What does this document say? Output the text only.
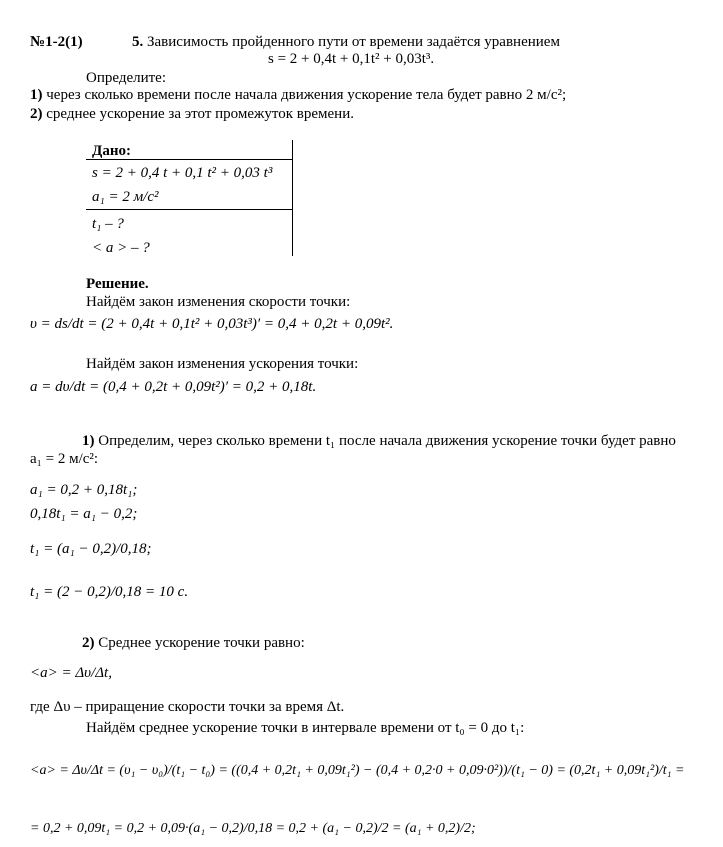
№1-2(1)	5. Зависимость пройденного пути от времени задаётся уравнением
s = 2 + 0,4t + 0,1t² + 0,03t³.
Определите:
1) через сколько времени после начала движения ускорение тела будет равно 2 м/с²;
2) среднее ускорение за этот промежуток времени.
Дано:
s = 2 + 0,4 t + 0,1 t² + 0,03 t³
a₁ = 2 м/с²
t₁ – ?
< a > – ?
Решение.
Найдём закон изменения скорости точки:
υ = ds/dt = (2 + 0,4t + 0,1t² + 0,03t³)′ = 0,4 + 0,2t + 0,09t².
Найдём закон изменения ускорения точки:
a = dυ/dt = (0,4 + 0,2t + 0,09t²)′ = 0,2 + 0,18t.
1) Определим, через сколько времени t₁ после начала движения ускорение точки будет равно a₁ = 2 м/с²:
a₁ = 0,2 + 0,18t₁;
0,18t₁ = a₁ − 0,2;
t₁ = (a₁ − 0,2)/0,18;
t₁ = (2 − 0,2)/0,18 = 10 с.
2) Среднее ускорение точки равно:
<a> = Δυ/Δt,
где Δυ – приращение скорости точки за время Δt.
Найдём среднее ускорение точки в интервале времени от t₀ = 0 до t₁:
<a> = Δυ/Δt = (υ₁ − υ₀)/(t₁ − t₀) = ((0,4 + 0,2t₁ + 0,09t₁²) − (0,4 + 0,2·0 + 0,09·0²))/(t₁ − 0) = (0,2t₁ + 0,09t₁²)/t₁ =
= 0,2 + 0,09t₁ = 0,2 + 0,09·(a₁ − 0,2)/0,18 = 0,2 + (a₁ − 0,2)/2 = (a₁ + 0,2)/2;
